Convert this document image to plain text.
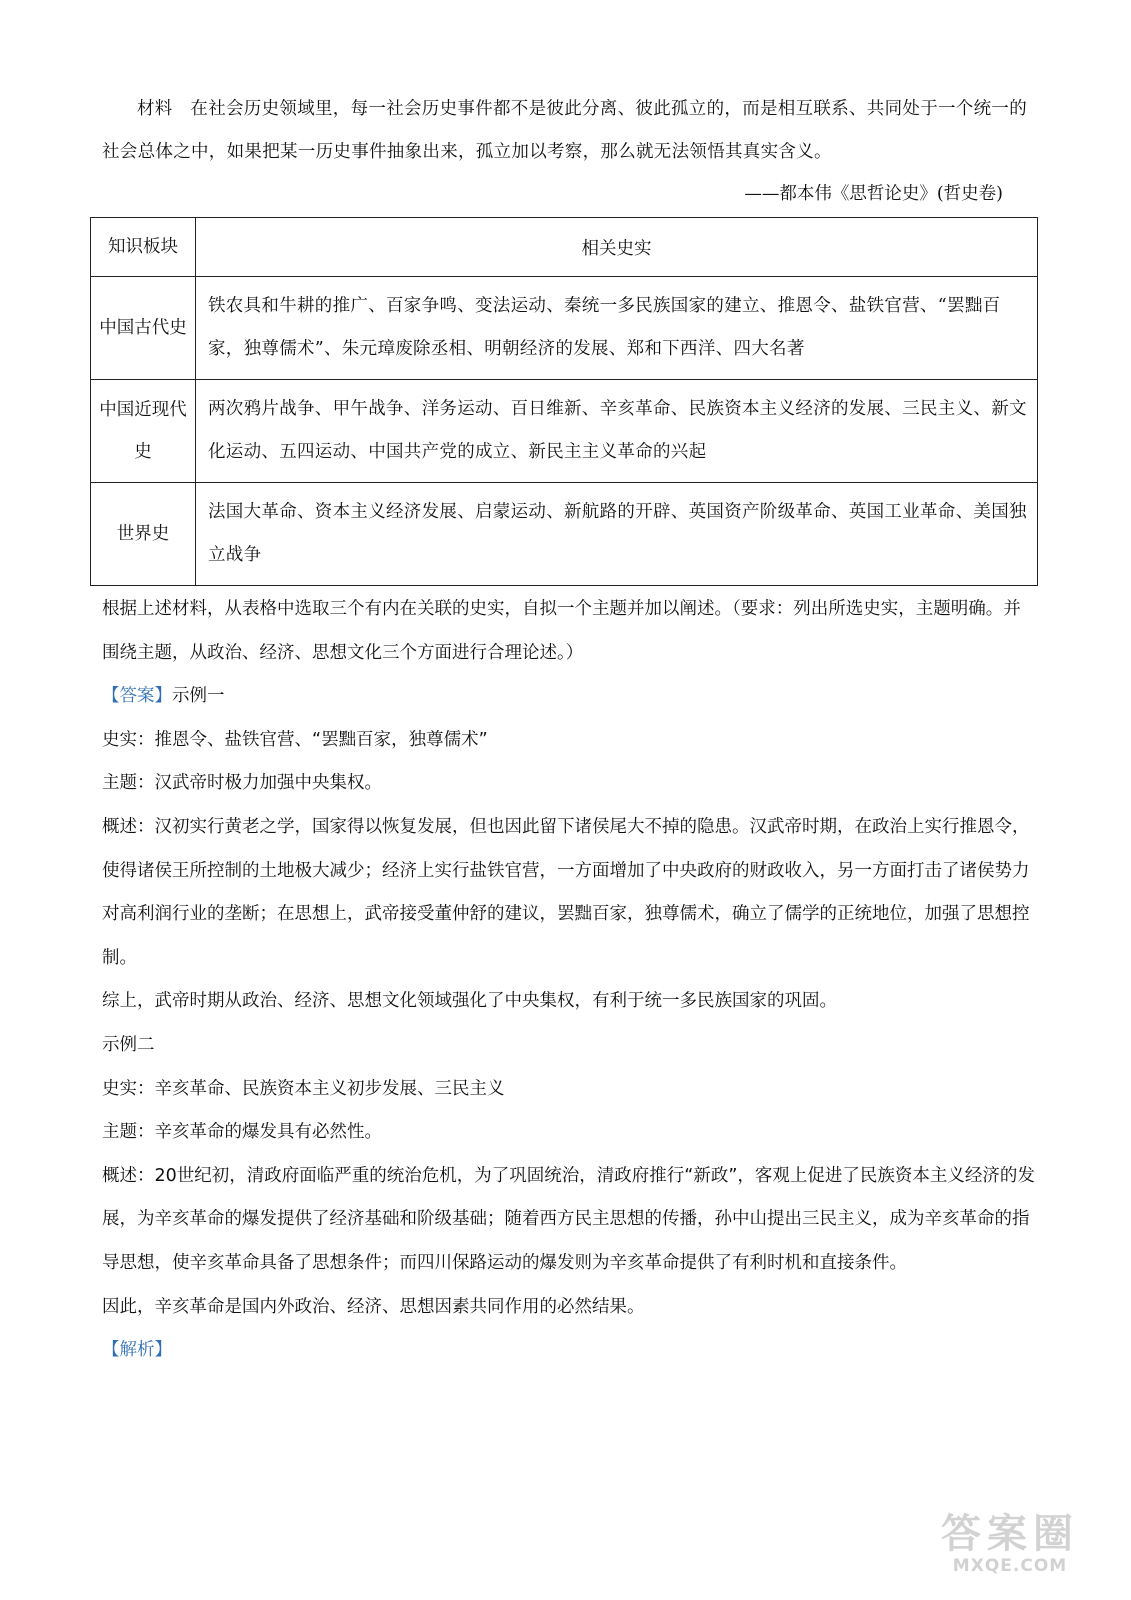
材料　在社会历史领域里，每一社会历史事件都不是彼此分离、彼此孤立的，而是相互联系、共同处于一个统一的社会总体之中，如果把某一历史事件抽象出来，孤立加以考察，那么就无法领悟其真实含义。

——都本伟《思哲论史》(哲史卷)
知识板块	相关史实
中国古代史	铁农具和牛耕的推广、百家争鸣、变法运动、秦统一多民族国家的建立、推恩令、盐铁官营、“罢黜百家，独尊儒术”、朱元璋废除丞相、明朝经济的发展、郑和下西洋、四大名著
中国近现代史	两次鸦片战争、甲午战争、洋务运动、百日维新、辛亥革命、民族资本主义经济的发展、三民主义、新文化运动、五四运动、中国共产党的成立、新民主主义革命的兴起
世界史	法国大革命、资本主义经济发展、启蒙运动、新航路的开辟、英国资产阶级革命、英国工业革命、美国独立战争

根据上述材料，从表格中选取三个有内在关联的史实，自拟一个主题并加以阐述。（要求：列出所选史实，主题明确。并围绕主题，从政治、经济、思想文化三个方面进行合理论述。）

【答案】示例一

史实：推恩令、盐铁官营、“罢黜百家，独尊儒术”

主题：汉武帝时极力加强中央集权。

概述：汉初实行黄老之学，国家得以恢复发展，但也因此留下诸侯尾大不掉的隐患。汉武帝时期，在政治上实行推恩令，使得诸侯王所控制的土地极大减少；经济上实行盐铁官营，一方面增加了中央政府的财政收入，另一方面打击了诸侯势力对高利润行业的垄断；在思想上，武帝接受董仲舒的建议，罢黜百家，独尊儒术，确立了儒学的正统地位，加强了思想控制。

综上，武帝时期从政治、经济、思想文化领域强化了中央集权，有利于统一多民族国家的巩固。

示例二

史实：辛亥革命、民族资本主义初步发展、三民主义

主题：辛亥革命的爆发具有必然性。

概述：20世纪初，清政府面临严重的统治危机，为了巩固统治，清政府推行“新政”，客观上促进了民族资本主义经济的发展，为辛亥革命的爆发提供了经济基础和阶级基础；随着西方民主思想的传播，孙中山提出三民主义，成为辛亥革命的指导思想，使辛亥革命具备了思想条件；而四川保路运动的爆发则为辛亥革命提供了有利时机和直接条件。

因此，辛亥革命是国内外政治、经济、思想因素共同作用的必然结果。

【解析】

答案圈
MXQE.COM
